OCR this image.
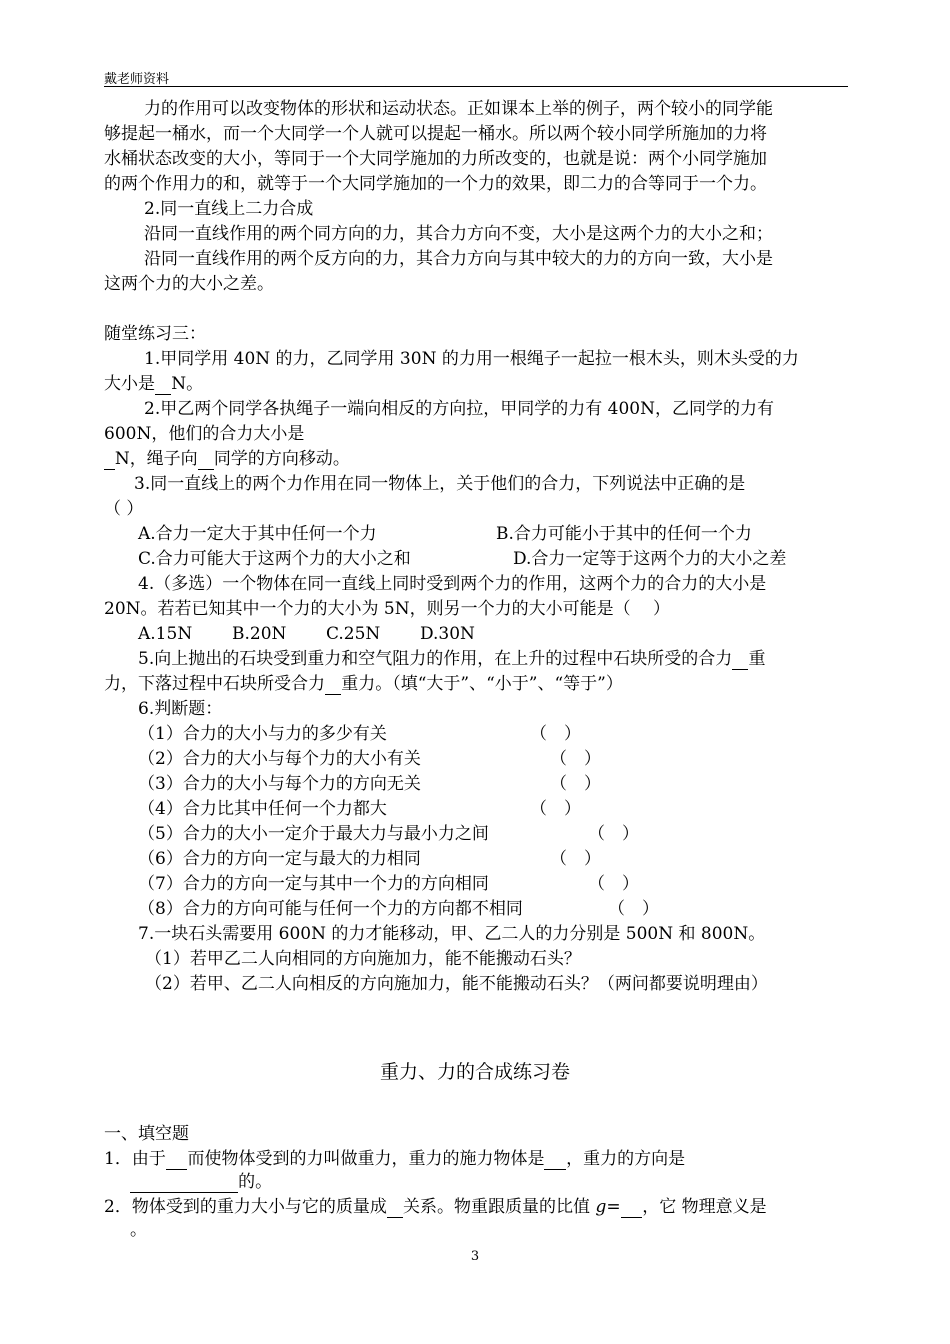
戴老师资料
力的作用可以改变物体的形状和运动状态。正如课本上举的例子，两个较小的同学能
够提起一桶水，而一个大同学一个人就可以提起一桶水。所以两个较小同学所施加的力将
水桶状态改变的大小，等同于一个大同学施加的力所改变的，也就是说：两个小同学施加
的两个作用力的和，就等于一个大同学施加的一个力的效果，即二力的合等同于一个力。
2.同一直线上二力合成
沿同一直线作用的两个同方向的力，其合力方向不变，大小是这两个力的大小之和；
沿同一直线作用的两个反方向的力，其合力方向与其中较大的力的方向一致，大小是
这两个力的大小之差。
随堂练习三：
1.甲同学用 40N 的力，乙同学用 30N 的力用一根绳子一起拉一根木头，则木头受的力
大小是 N。
2.甲乙两个同学各执绳子一端向相反的方向拉，甲同学的力有 400N，乙同学的力有
600N，他们的合力大小是
N，绳子向 同学的方向移动。
3.同一直线上的两个力作用在同一物体上，关于他们的合力，下列说法中正确的是
（ ）
A.合力一定大于其中任何一个力	B.合力可能小于其中的任何一个力
C.合力可能大于这两个力的大小之和	D.合力一定等于这两个力的大小之差
4.（多选）一个物体在同一直线上同时受到两个力的作用，这两个力的合力的大小是
20N。若若已知其中一个力的大小为 5N，则另一个力的大小可能是（　 ）
A.15N B.20N C.25N D.30N
5.向上抛出的石块受到重力和空气阻力的作用，在上升的过程中石块所受的合力 重
力，下落过程中石块所受合力 重力。（填“大于”、“小于”、“等于”）
6.判断题：
（1）合力的大小与力的多少有关	（　）
（2）合力的大小与每个力的大小有关	（　）
（3）合力的大小与每个力的方向无关	（　）
（4）合力比其中任何一个力都大	（　）
（5）合力的大小一定介于最大力与最小力之间	（　）
（6）合力的方向一定与最大的力相同	（　）
（7）合力的方向一定与其中一个力的方向相同	（　）
（8）合力的方向可能与任何一个力的方向都不相同	（　）
7.一块石头需要用 600N 的力才能移动，甲、乙二人的力分别是 500N 和 800N。
（1）若甲乙二人向相同的方向施加力，能不能搬动石头？
（2）若甲、乙二人向相反的方向施加力，能不能搬动石头？（两问都要说明理由）
重力、力的合成练习卷
一、填空题
1．由于 而使物体受到的力叫做重力，重力的施力物体是 ，重力的方向是
的。
2．物体受到的重力大小与它的质量成 关系。物重跟质量的比值 g= ，它 物理意义是
。
3
